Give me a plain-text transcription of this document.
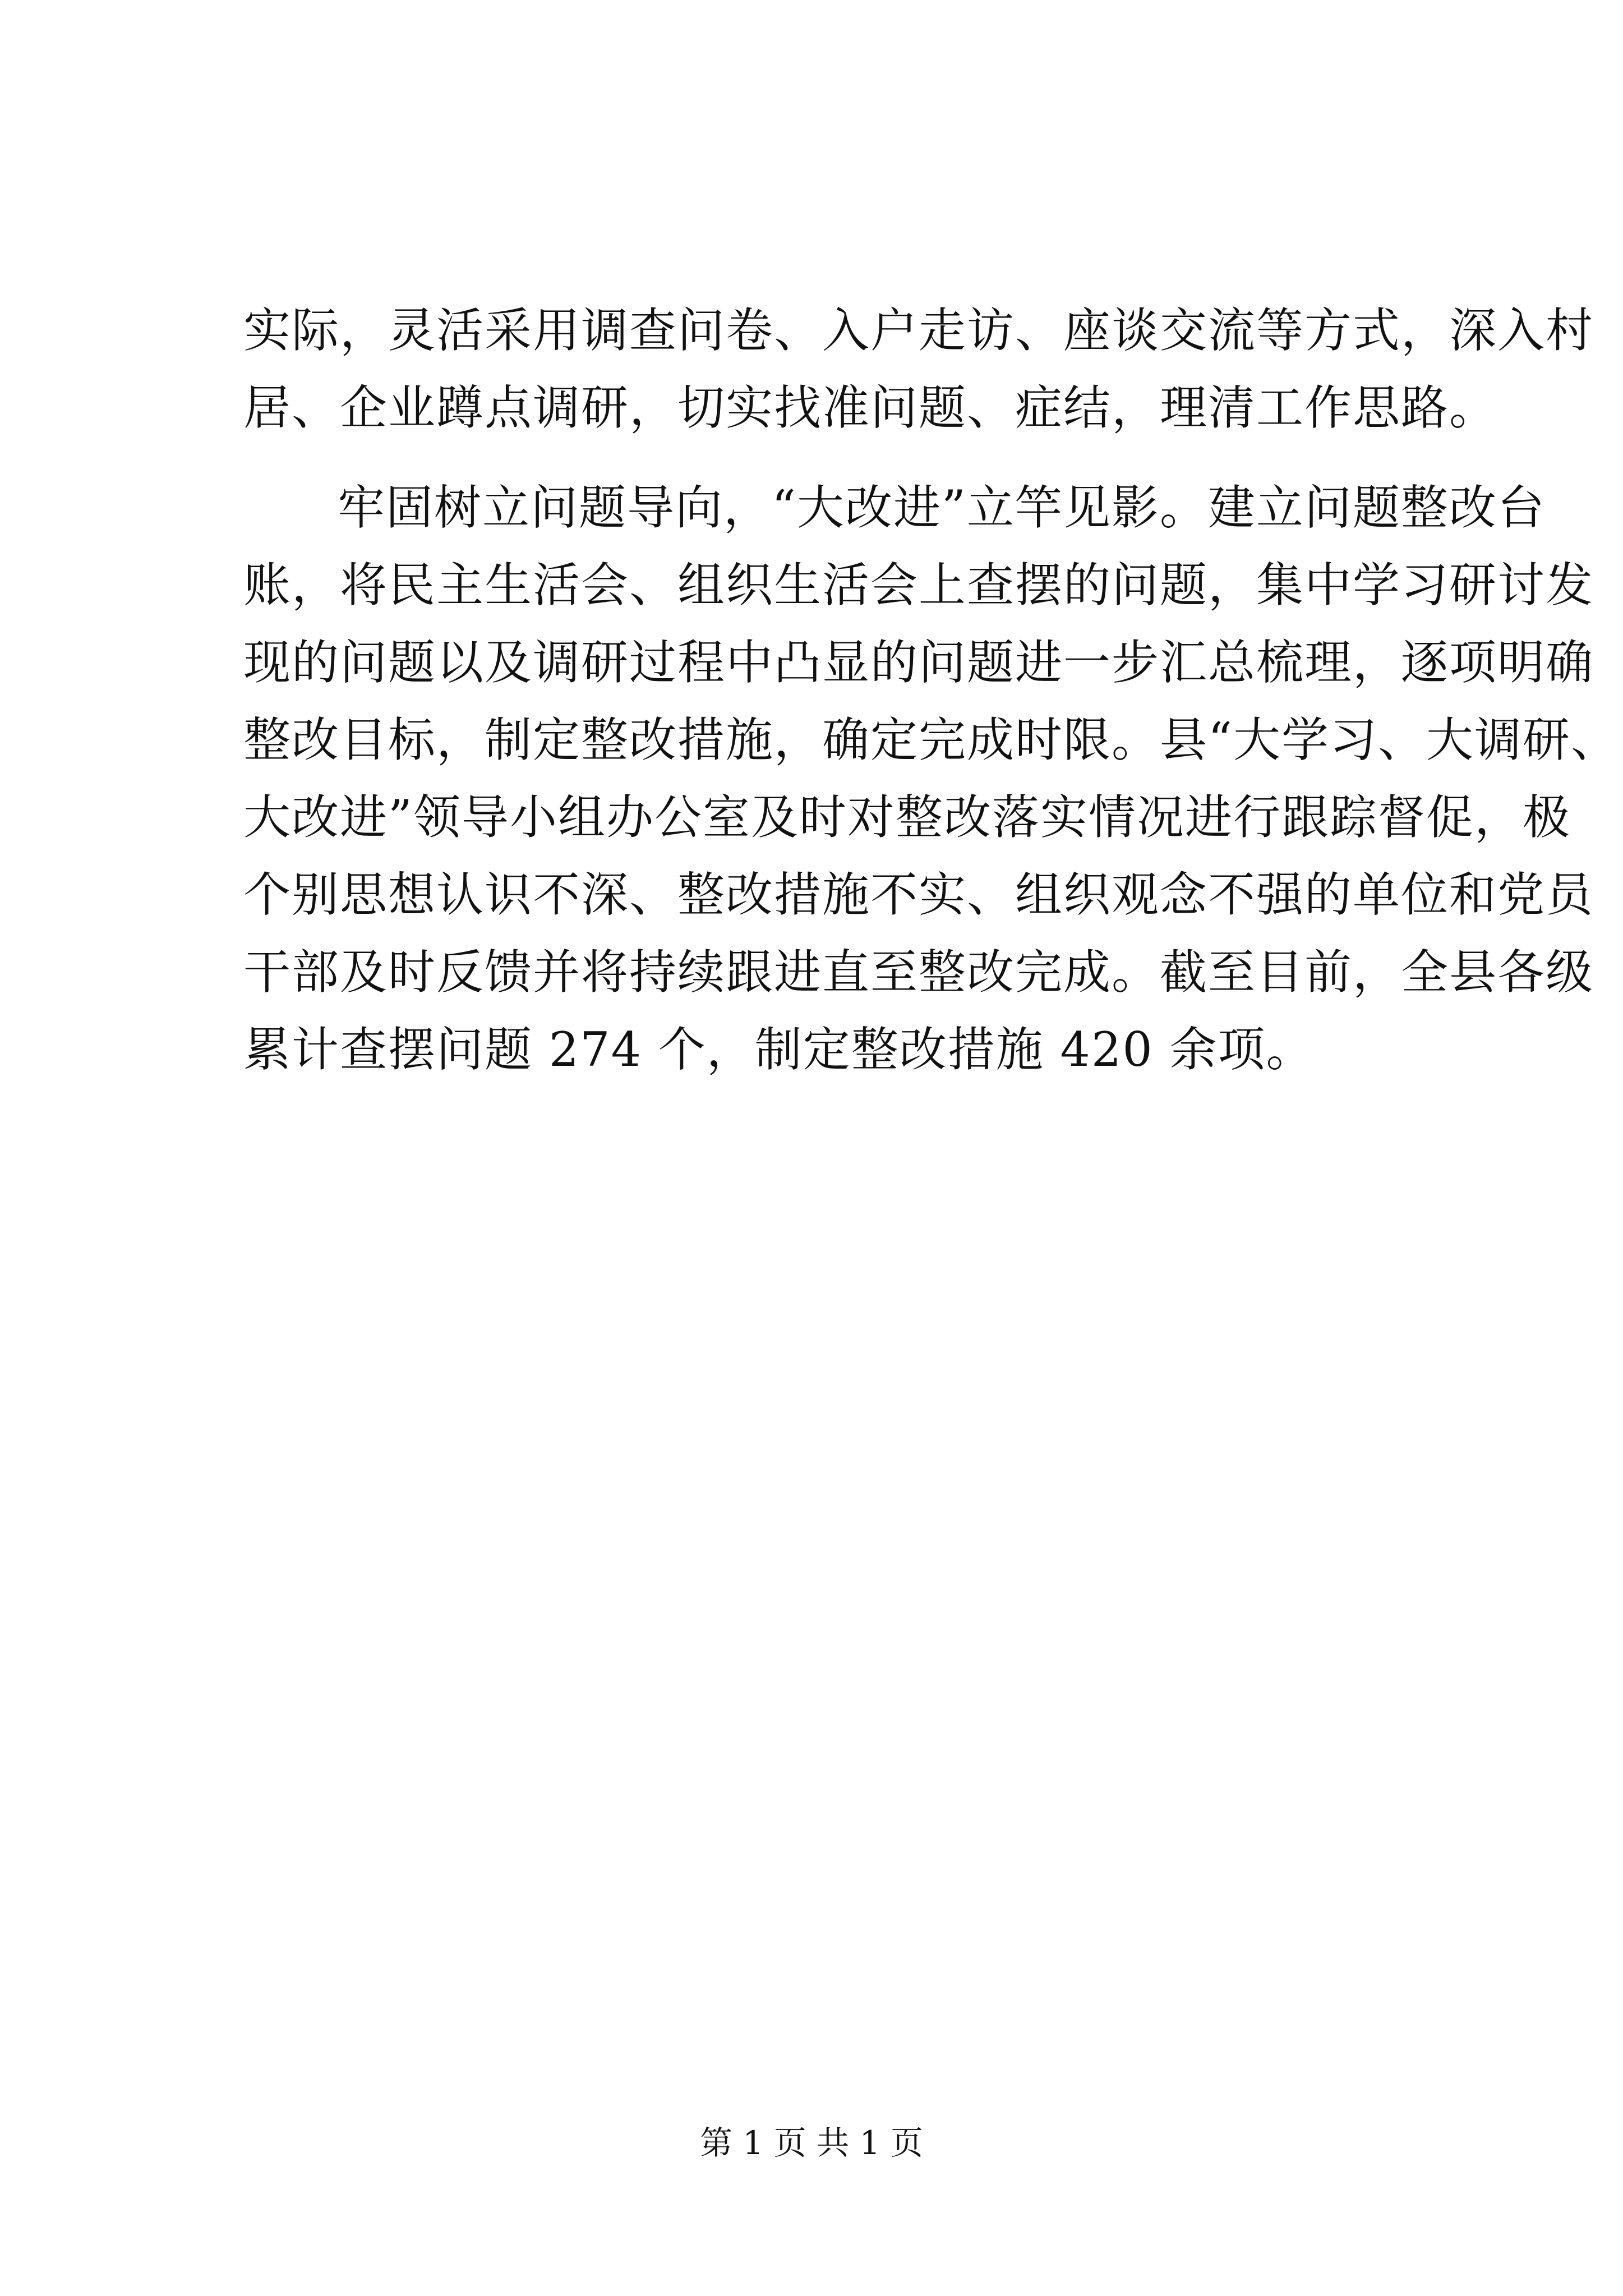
实际，灵活采用调查问卷、入户走访、座谈交流等方式，深入村
居、企业蹲点调研，切实找准问题、症结，理清工作思路。
牢固树立问题导向，“大改进”立竿见影。建立问题整改台
账，将民主生活会、组织生活会上查摆的问题，集中学习研讨发
现的问题以及调研过程中凸显的问题进一步汇总梳理，逐项明确
整改目标，制定整改措施，确定完成时限。县“大学习、大调研、
大改进”领导小组办公室及时对整改落实情况进行跟踪督促，极
个别思想认识不深、整改措施不实、组织观念不强的单位和党员
干部及时反馈并将持续跟进直至整改完成。截至目前，全县各级
累计查摆问题 274 个，制定整改措施 420 余项。
第 1 页 共 1 页
